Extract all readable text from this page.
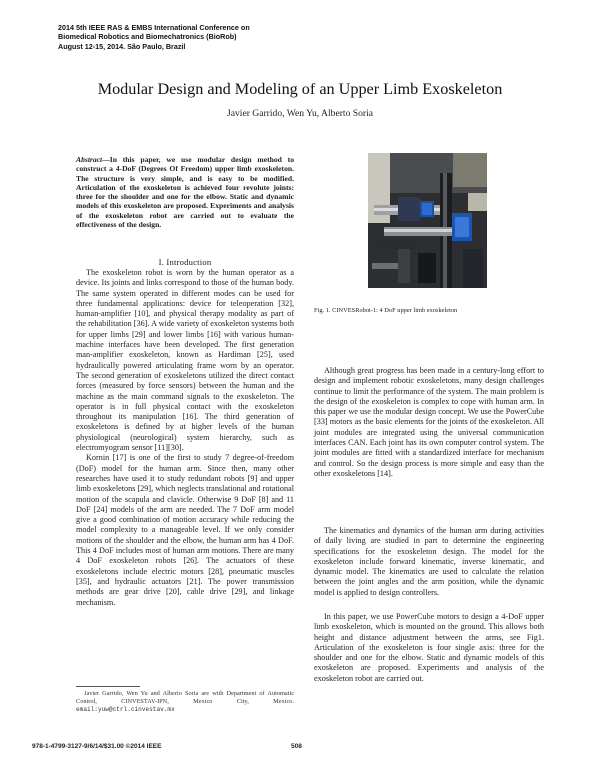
2014 5th IEEE RAS & EMBS International Conference on
Biomedical Robotics and Biomechatronics (BioRob)
August 12-15, 2014. São Paulo, Brazil
Modular Design and Modeling of an Upper Limb Exoskeleton
Javier Garrido, Wen Yu, Alberto Soria
Abstract—In this paper, we use modular design method to construct a 4-DoF (Degrees Of Freedom) upper limb exoskeleton. The structure is very simple, and is easy to be modified. Articulation of the exoskeleton is achieved four revolute joints: three for the shoulder and one for the elbow. Static and dynamic models of this exoskeleton are proposed. Experiments and analysis of the exoskeleton robot are carried out to evaluate the effectiveness of the design.
I. Introduction

The exoskeleton robot is worn by the human operator as a device. Its joints and links correspond to those of the human body. The same system operated in different modes can be used for three fundamental applications: device for teleoperation [32], human-amplifier [10], and physical therapy modality as part of the rehabilitation [36]. A wide variety of exoskeleton systems both for upper limbs [29] and lower limbs [16] with various human-machine interfaces have been developed. The first generation man-amplifier exoskeleton, known as Hardiman [25], used hydraulically powered articulating frame worn by an operator. The second generation of exoskeletons utilized the direct contact forces (measured by force sensors) between the human and the machine as the main command signals to the exoskeleton. The operator is in full physical contact with the exoskeleton throughout its manipulation [16]. The third generation of exoskeletons is defined by at higher levels of the human physiological (neurological) system hierarchy, such as electromyogram sensor [11][30].

Kornin [17] is one of the first to study 7 degree-of-freedom (DoF) model for the human arm. Since then, many other researches have used it to study redundant robots [9] and upper limb exoskeletons [29], which neglects translational and rotational motion of the scapula and clavicle. Otherwise 9 DoF [8] and 11 DoF [24] models of the arm are needed. The 7 DoF arm model give a good combination of motion accuracy while reducing the model complexity to a manageable level. If we only consider motions of the shoulder and the elbow, the human arm has 4 DoF. This 4 DoF includes most of human arm motions. There are many 4 DoF exoskeleton robots [26]. The actuators of these exoskeletons include electric motors [28], pneumatic muscles [35], and hydraulic actuators [21]. The power transmission methods are gear drive [20], cable drive [29], and linkage mechanism.

Javier Garrido, Wen Yu and Alberto Soria are with Department of Automatic Control, CINVESTAV-IPN, Mexico City, Mexico. email:yuw@ctrl.cinvestav.mx
Fig. 1. CINVESRobot-1: 4 DoF upper limb exoskeleton

Although great progress has been made in a century-long effort to design and implement robotic exoskeletons, many design challenges continue to limit the performance of the system. The main problem is the design of the exoskeleton is complex to cope with human arm. In this paper we use the modular design concept. We use the PowerCube [33] motors as the basic elements for the joints of the exoskeleton. All joint modules are integrated using the universal communication interfaces CAN. Each joint has its own computer control system. The joint modules are fitted with a standardized interface for mechanism and control. So the design process is more simple and easy than the other exoskeletons [14].

The kinematics and dynamics of the human arm during activities of daily living are studied in part to determine the engineering specifications for the exoskeleton design. The model for the exoskeleton include forward kinematic, inverse kinematic, and dynamic model. The kinematics are used to calculate the relation between the joint angles and the arm position, while the dynamic model is applied to design controllers.

In this paper, we use PowerCube motors to design a 4-DoF upper limb exoskeleton, which is mounted on the ground. This allows both height and distance adjustment between the arms, see Fig1. Articulation of the exoskeleton is four single axis: three for the shoulder and one for the elbow. Static and dynamic models of this exoskeleton are proposed. Experiments and analysis of the exoskeleton robot are carried out.

978-1-4799-3127-9/6/14/$31.00 ©2014 IEEE	508
